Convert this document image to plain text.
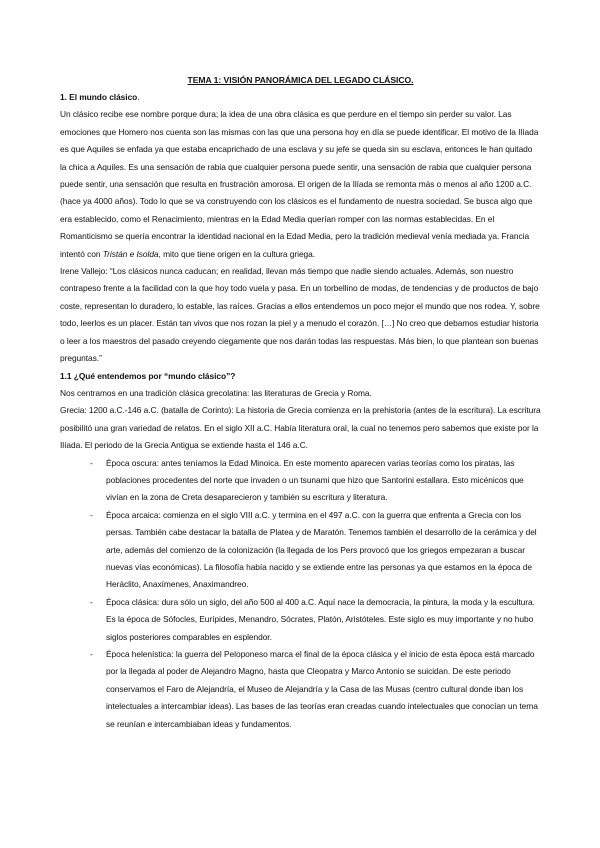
TEMA 1: VISIÓN PANORÁMICA DEL LEGADO CLÁSICO.

1. El mundo clásico.

Un clásico recibe ese nombre porque dura; la idea de una obra clásica es que perdure en el tiempo sin perder su valor. Las emociones que Homero nos cuenta son las mismas con las que una persona hoy en día se puede identificar. El motivo de la Ilíada es que Aquiles se enfada ya que estaba encaprichado de una esclava y su jefe se queda sin su esclava, entonces le han quitado la chica a Aquiles. Es una sensación de rabia que cualquier persona puede sentir, una sensación de rabia que cualquier persona puede sentir, una sensación que resulta en frustración amorosa. El origen de la Ilíada se remonta más o menos al año 1200 a.C. (hace ya 4000 años). Todo lo que se va construyendo con los clásicos es el fundamento de nuestra sociedad. Se busca algo que era establecido, como el Renacimiento, mientras en la Edad Media querían romper con las normas establecidas. En el Romanticismo se quería encontrar la identidad nacional en la Edad Media, pero la tradición medieval venía mediada ya. Francia intentó con Tristán e Isolda, mito que tiene origen en la cultura griega.

Irene Vallejo: “Los clásicos nunca caducan; en realidad, llevan más tiempo que nadie siendo actuales. Además, son nuestro contrapeso frente a la facilidad con la que hoy todo vuela y pasa. En un torbellino de modas, de tendencias y de productos de bajo coste, representan lo duradero, lo estable, las raíces. Gracias a ellos entendemos un poco mejor el mundo que nos rodea. Y, sobre todo, leerlos es un placer. Están tan vivos que nos rozan la piel y a menudo el corazón. […] No creo que debamos estudiar historia o leer a los maestros del pasado creyendo ciegamente que nos darán todas las respuestas. Más bien, lo que plantean son buenas preguntas.”

1.1 ¿Qué entendemos por “mundo clásico”?

Nos centramos en una tradición clásica grecolatina: las literaturas de Grecia y Roma.

Grecia: 1200 a.C.-146 a.C. (batalla de Corinto): La historia de Grecia comienza en la prehistoria (antes de la escritura). La escritura posibilitó una gran variedad de relatos. En el siglo XII a.C. Había literatura oral, la cual no tenemos pero sabemos que existe por la Ilíada. El periodo de la Grecia Antigua se extiende hasta el 146 a.C.

- Época oscura: antes teníamos la Edad Minoica. En este momento aparecen varias teorías como los piratas, las poblaciones procedentes del norte que invaden o un tsunami que hizo que Santorini estallara. Esto micénicos que vivían en la zona de Creta desaparecieron y también su escritura y literatura.
- Época arcaica: comienza en el siglo VIII a.C. y termina en el 497 a.C. con la guerra que enfrenta a Grecia con los persas. También cabe destacar la batalla de Platea y de Maratón. Tenemos también el desarrollo de la cerámica y del arte, además del comienzo de la colonización (la llegada de los Pers provocó que los griegos empezaran a buscar nuevas vías económicas). La filosofía había nacido y se extiende entre las personas ya que estamos en la época de Heráclito, Anaxímenes, Anaximandreo.
- Época clásica: dura sólo un siglo, del año 500 al 400 a.C. Aquí nace la democracia, la pintura, la moda y la escultura. Es la época de Sófocles, Eurípides, Menandro, Sócrates, Platón, Aristóteles. Este siglo es muy importante y no hubo siglos posteriores comparables en esplendor.
- Época helenística: la guerra del Peloponeso marca el final de la época clásica y el inicio de esta época está marcado por la llegada al poder de Alejandro Magno, hasta que Cleopatra y Marco Antonio se suicidan. De este periodo conservamos el Faro de Alejandría, el Museo de Alejandría y la Casa de las Musas (centro cultural donde iban los intelectuales a intercambiar ideas). Las bases de las teorías eran creadas cuando intelectuales que conocían un tema se reunían e intercambiaban ideas y fundamentos.
